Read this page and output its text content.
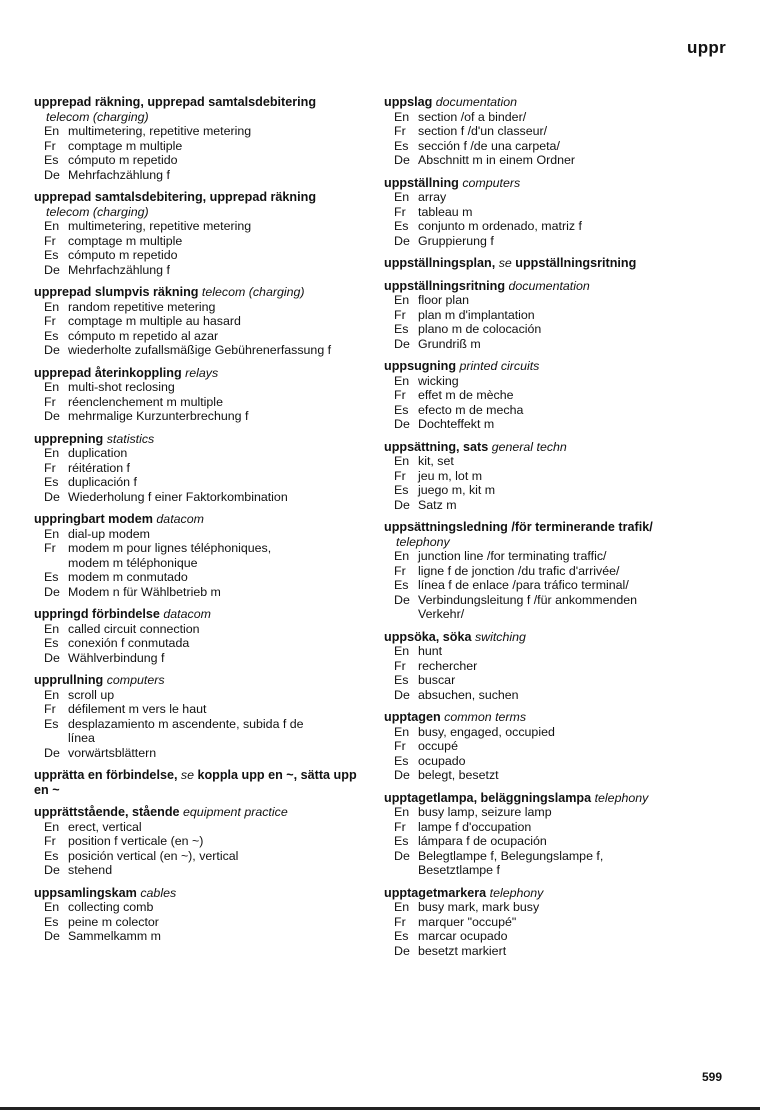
uppr
upprepad räkning, upprepad samtalsdebitering
telecom (charging)
En multimetering, repetitive metering
Fr comptage m multiple
Es cómputo m repetido
De Mehrfachzählung f
upprepad samtalsdebitering, upprepad räkning
telecom (charging)
En multimetering, repetitive metering
Fr comptage m multiple
Es cómputo m repetido
De Mehrfachzählung f
upprepad slumpvis räkning telecom (charging)
En random repetitive metering
Fr comptage m multiple au hasard
Es cómputo m repetido al azar
De wiederholte zufallsmäßige Gebührenerfassung f
upprepad återinkoppling relays
En multi-shot reclosing
Fr réenclenchement m multiple
De mehrmalige Kurzunterbrechung f
upprepning statistics
En duplication
Fr réitération f
Es duplicación f
De Wiederholung f einer Faktorkombination
uppringbart modem datacom
En dial-up modem
Fr modem m pour lignes téléphoniques,
modem m téléphonique
Es modem m conmutado
De Modem n für Wählbetrieb m
uppringd förbindelse datacom
En called circuit connection
Es conexión f conmutada
De Wählverbindung f
upprullning computers
En scroll up
Fr défilement m vers le haut
Es desplazamiento m ascendente, subida f de
línea
De vorwärtsblättern
upprätta en förbindelse, se koppla upp en ~, sätta upp en ~
upprättstående, stående equipment practice
En erect, vertical
Fr position f verticale (en ~)
Es posición vertical (en ~), vertical
De stehend
uppsamlingskam cables
En collecting comb
Es peine m colector
De Sammelkamm m
uppslag documentation
En section /of a binder/
Fr section f /d'un classeur/
Es sección f /de una carpeta/
De Abschnitt m in einem Ordner
uppställning computers
En array
Fr tableau m
Es conjunto m ordenado, matriz f
De Gruppierung f
uppställningsplan, se uppställningsritning
uppställningsritning documentation
En floor plan
Fr plan m d'implantation
Es plano m de colocación
De Grundriß m
uppsugning printed circuits
En wicking
Fr effet m de mèche
Es efecto m de mecha
De Dochteffekt m
uppsättning, sats general techn
En kit, set
Fr jeu m, lot m
Es juego m, kit m
De Satz m
uppsättningsledning /för terminerande trafik/
telephony
En junction line /for terminating traffic/
Fr ligne f de jonction /du trafic d'arrivée/
Es línea f de enlace /para tráfico terminal/
De Verbindungsleitung f /für ankommenden
Verkehr/
uppsöka, söka switching
En hunt
Fr rechercher
Es buscar
De absuchen, suchen
upptagen common terms
En busy, engaged, occupied
Fr occupé
Es ocupado
De belegt, besetzt
upptagetlampa, beläggningslampa telephony
En busy lamp, seizure lamp
Fr lampe f d'occupation
Es lámpara f de ocupación
De Belegtlampe f, Belegungslampe f,
Besetztlampe f
upptagetmarkera telephony
En busy mark, mark busy
Fr marquer "occupé"
Es marcar ocupado
De besetzt markiert
599
